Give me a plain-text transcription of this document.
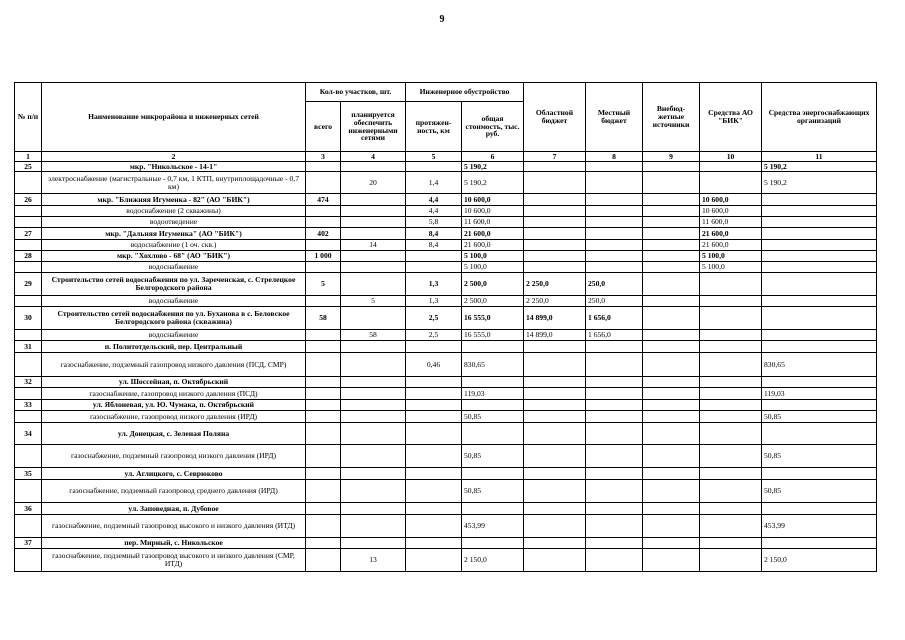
9
№ п/п	Наименование микрорайона и инженерных сетей	Кол-во участков, шт.		Инженерное обустройство		Областной бюджет	Местный бюджет	Внебюд-жетные источники	Средства АО "БИК"	Средства энергоснабжающих организаций
		всего	планируется обеспечить инженерными сетями	протяжен-ность, км	общая стоимость, тыс. руб.					
1	2	3	4	5	6	7	8	9	10	11
25	мкр. "Никольское - 14-1"				5 190,2					5 190,2
	электроснабжение (магистральные - 0,7 км, 1 КТП, внутриплощадочные - 0,7 км)		20	1,4	5 190,2					5 190,2
26	мкр. "Ближняя Игуменка - 82" (АО "БИК")	474		4,4	10 600,0				10 600,0	
	водоснабжение (2 скважины)			4,4	10 600,0				10 600,0	
	водоотведение			5,8	11 600,0				11 600,0	
27	мкр. "Дальняя Игуменка" (АО "БИК")	402		8,4	21 600,0				21 600,0	
	водоснабжение (1 оч. скв.)		14	8,4	21 600,0				21 600,0	
28	мкр. "Хохлово - 68" (АО "БИК")	1 000			5 100,0				5 100,0	
	водоснабжение				5 100,0				5 100,0	
29	Строительство сетей водоснабжения по ул. Зареченская, с. Стрелецкое Белгородского района	5		1,3	2 500,0	2 250,0	250,0			
	водоснабжение		5	1,3	2 500,0	2 250,0	250,0			
30	Строительство сетей водоснабжения по ул. Буханова в с. Беловское Белгородского района (скважина)	58		2,5	16 555,0	14 899,0	1 656,0			
	водоснабжение		58	2,5	16 555,0	14 899,0	1 656,0			
31	п. Политотдельский, пер. Центральный									
	газоснабжение, подземный газопровод низкого давления (ПСД, СМР)			0,46	830,65					830,65
32	ул. Шоссейная, п. Октябрьский									
	газоснабжение, газопровод низкого давления (ПСД)				119,03					119,03
33	ул. Яблоневая, ул. Ю. Чумака, п. Октябрьский									
	газоснабжение, газопровод низкого давления (ИРД)				50,85					50,85
34	ул. Донецкая, с. Зеленая Поляна									
	газоснабжение, подземный газопровод низкого давления (ИРД)				50,85					50,85
35	ул. Аглицкого, с. Севрюково									
	газоснабжение, подземный газопровод среднего давления (ИРД)				50,85					50,85
36	ул. Заповедная, п. Дубовое									
	газоснабжение, подземный газопровод высокого и низкого давления (ИТД)				453,99					453,99
37	пер. Мирный, с. Никольское									
	газоснабжение, подземный газопровод высокого и низкого давления (СМР, ИТД)		13		2 150,0					2 150,0
